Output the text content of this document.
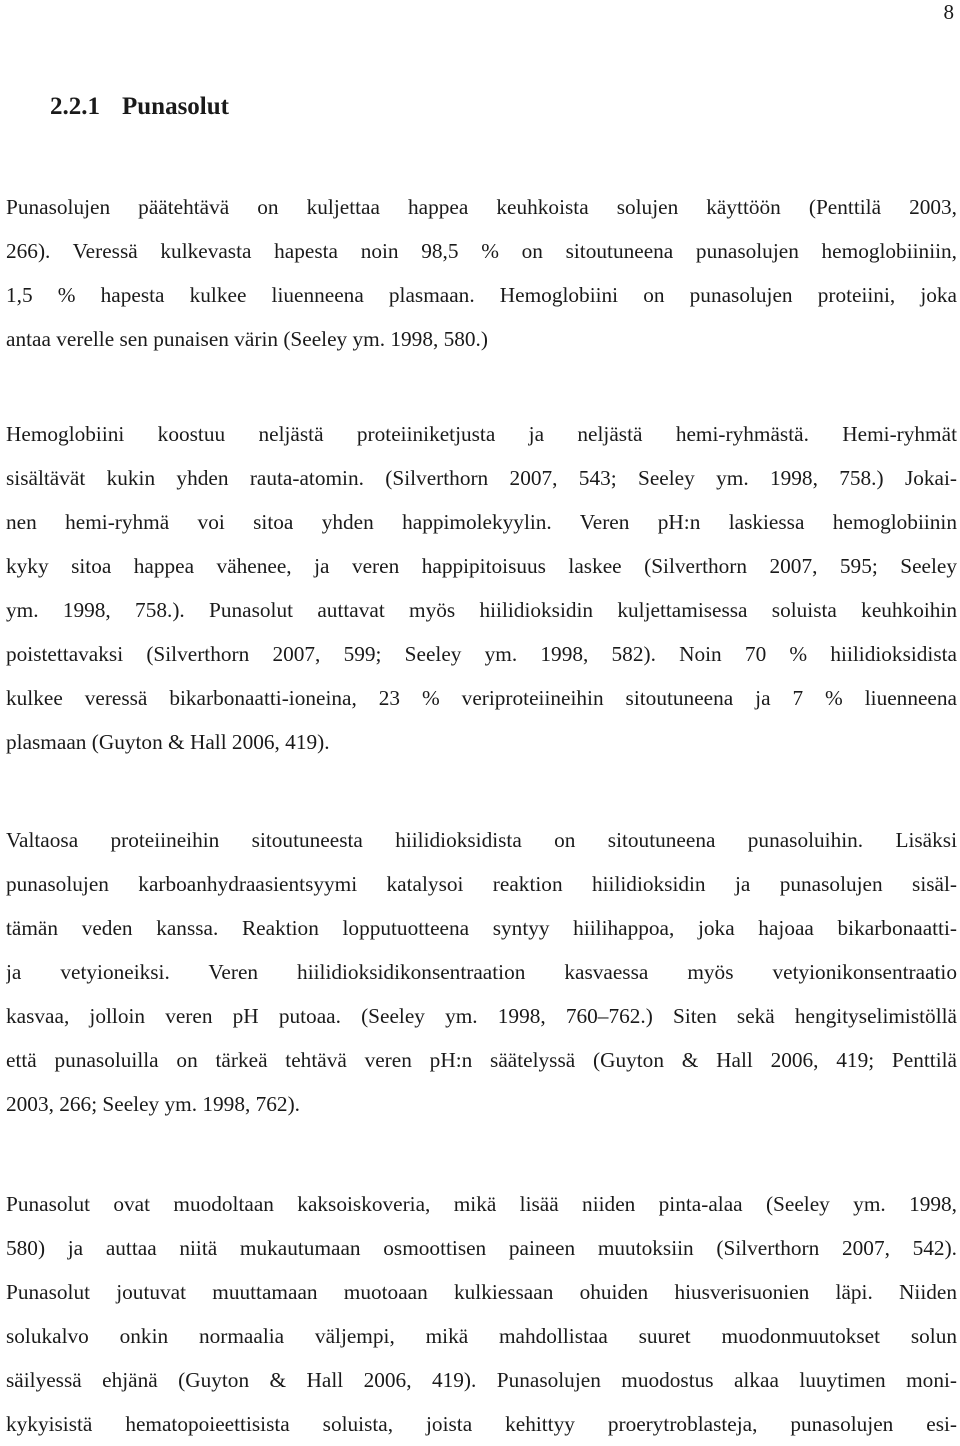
8
2.2.1 Punasolut
Punasolujen päätehtävä on kuljettaa happea keuhkoista solujen käyttöön (Penttilä 2003,
266). Veressä kulkevasta hapesta noin 98,5 % on sitoutuneena punasolujen hemoglobiiniin,
1,5 % hapesta kulkee liuenneena plasmaan. Hemoglobiini on punasolujen proteiini, joka
antaa verelle sen punaisen värin (Seeley ym. 1998, 580.)
Hemoglobiini koostuu neljästä proteiiniketjusta ja neljästä hemi-ryhmästä. Hemi-ryhmät
sisältävät kukin yhden rauta-atomin. (Silverthorn 2007, 543; Seeley ym. 1998, 758.) Jokai-
nen hemi-ryhmä voi sitoa yhden happimolekyylin. Veren pH:n laskiessa hemoglobiinin
kyky sitoa happea vähenee, ja veren happipitoisuus laskee (Silverthorn 2007, 595; Seeley
ym. 1998, 758.). Punasolut auttavat myös hiilidioksidin kuljettamisessa soluista keuhkoihin
poistettavaksi (Silverthorn 2007, 599; Seeley ym. 1998, 582). Noin 70 % hiilidioksidista
kulkee veressä bikarbonaatti-ioneina, 23 % veriproteiineihin sitoutuneena ja 7 % liuenneena
plasmaan (Guyton & Hall 2006, 419).
Valtaosa proteiineihin sitoutuneesta hiilidioksidista on sitoutuneena punasoluihin. Lisäksi
punasolujen karboanhydraasientsyymi katalysoi reaktion hiilidioksidin ja punasolujen sisäl-
tämän veden kanssa. Reaktion lopputuotteena syntyy hiilihappoa, joka hajoaa bikarbonaatti-
ja vetyioneiksi. Veren hiilidioksidikonsentraation kasvaessa myös vetyionikonsentraatio
kasvaa, jolloin veren pH putoaa. (Seeley ym. 1998, 760–762.) Siten sekä hengityselimistöllä
että punasoluilla on tärkeä tehtävä veren pH:n säätelyssä (Guyton & Hall 2006, 419; Penttilä
2003, 266; Seeley ym. 1998, 762).
Punasolut ovat muodoltaan kaksoiskoveria, mikä lisää niiden pinta-alaa (Seeley ym. 1998,
580) ja auttaa niitä mukautumaan osmoottisen paineen muutoksiin (Silverthorn 2007, 542).
Punasolut joutuvat muuttamaan muotoaan kulkiessaan ohuiden hiusverisuonien läpi. Niiden
solukalvo onkin normaalia väljempi, mikä mahdollistaa suuret muodonmuutokset solun
säilyessä ehjänä (Guyton & Hall 2006, 419). Punasolujen muodostus alkaa luuytimen moni-
kykyisistä hematopoieettisista soluista, joista kehittyy proerytroblasteja, punasolujen esi-
